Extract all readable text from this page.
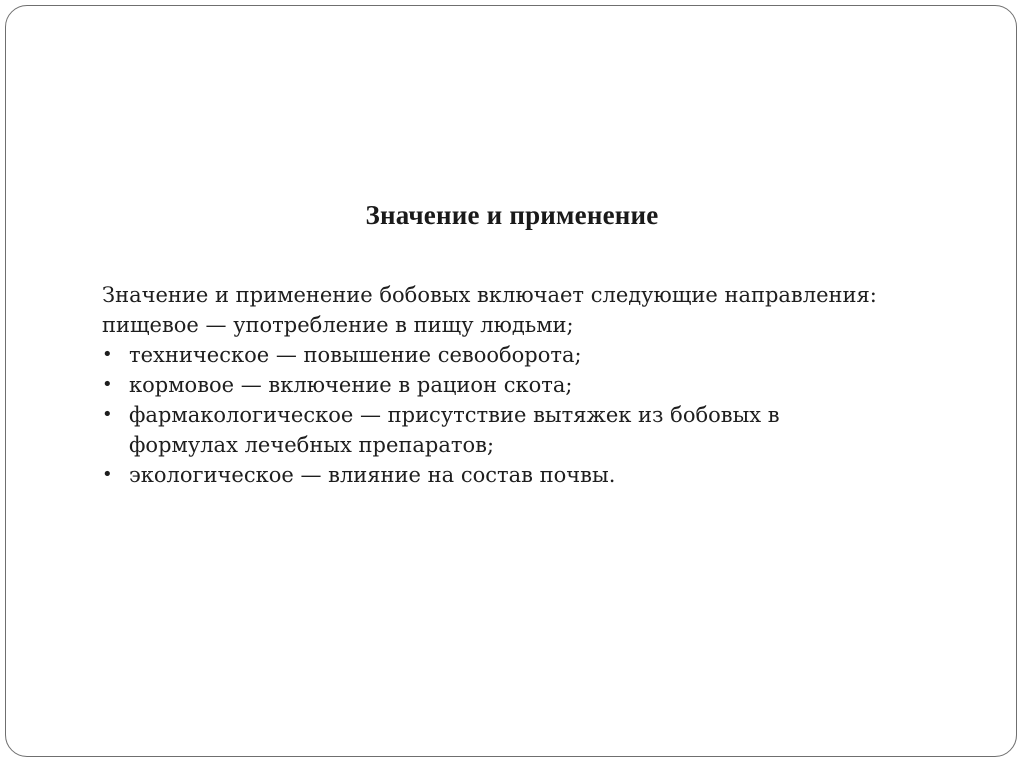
Значение и применение

Значение и применение бобовых включает следующие направления:

пищевое — употребление в пищу людьми;

• техническое — повышение севооборота;
• кормовое — включение в рацион скота;
• фармакологическое — присутствие вытяжек из бобовых в формулах лечебных препаратов;
• экологическое — влияние на состав почвы.
